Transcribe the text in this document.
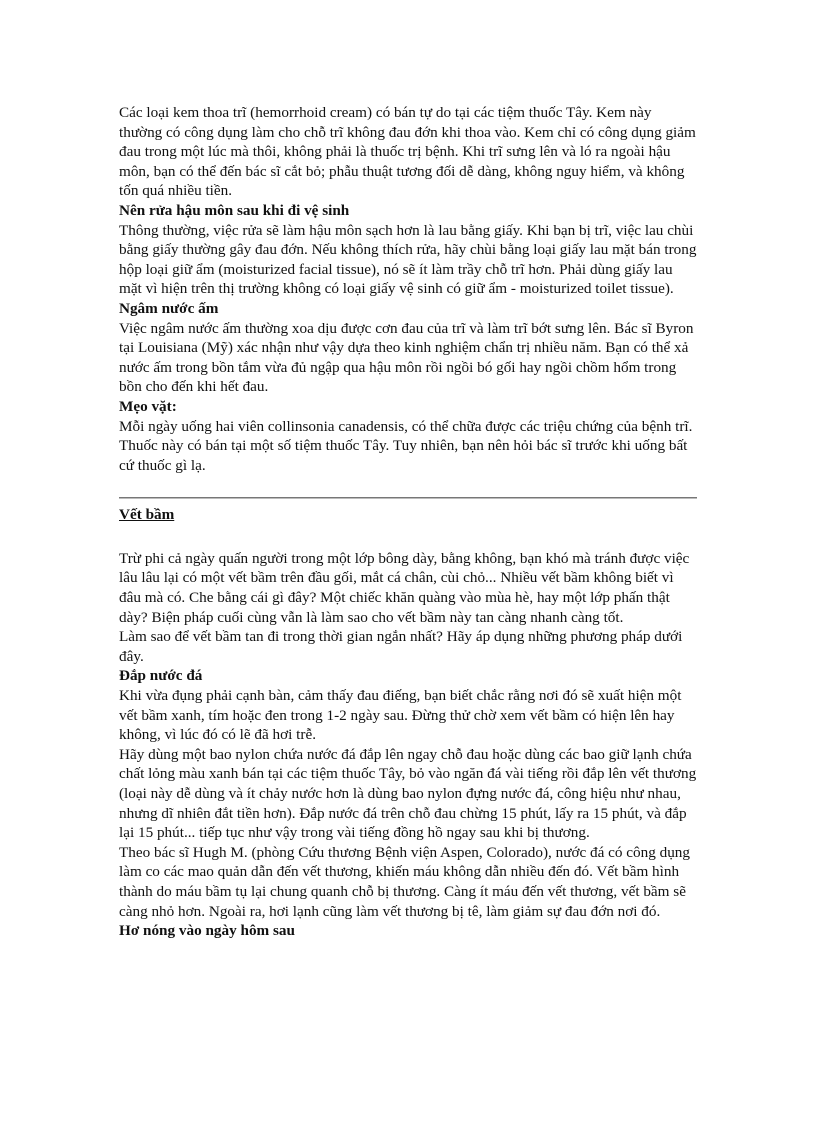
Các loại kem thoa trĩ (hemorrhoid cream) có bán tự do tại các tiệm thuốc Tây. Kem này thường có công dụng làm cho chỗ trĩ không đau đớn khi thoa vào. Kem chỉ có công dụng giảm đau trong một lúc mà thôi, không phải là thuốc trị bệnh. Khi trĩ sưng lên và ló ra ngoài hậu môn, bạn có thể đến bác sĩ cắt bỏ; phẫu thuật tương đối dễ dàng, không nguy hiểm, và không tốn quá nhiều tiền.

Nên rửa hậu môn sau khi đi vệ sinh

Thông thường, việc rửa sẽ làm hậu môn sạch hơn là lau bằng giấy. Khi bạn bị trĩ, việc lau chùi bằng giấy thường gây đau đớn. Nếu không thích rửa, hãy chùi bằng loại giấy lau mặt bán trong hộp loại giữ ẩm (moisturized facial tissue), nó sẽ ít làm trầy chỗ trĩ hơn. Phải dùng giấy lau mặt vì hiện trên thị trường không có loại giấy vệ sinh có giữ ẩm - moisturized toilet tissue).

Ngâm nước ấm

Việc ngâm nước ấm thường xoa dịu được cơn đau của trĩ và làm trĩ bớt sưng lên. Bác sĩ Byron tại Louisiana (Mỹ) xác nhận như vậy dựa theo kinh nghiệm chẩn trị nhiều năm. Bạn có thể xả nước ấm trong bồn tắm vừa đủ ngập qua hậu môn rồi ngồi bó gối hay ngồi chồm hổm trong bồn cho đến khi hết đau.

Mẹo vặt:

Mỗi ngày uống hai viên collinsonia canadensis, có thể chữa được các triệu chứng của bệnh trĩ. Thuốc này có bán tại một số tiệm thuốc Tây. Tuy nhiên, bạn nên hỏi bác sĩ trước khi uống bất cứ thuốc gì lạ.

Vết bầm

Trừ phi cả ngày quấn người trong một lớp bông dày, bằng không, bạn khó mà tránh được việc lâu lâu lại có một vết bầm trên đầu gối, mắt cá chân, cùi chỏ... Nhiều vết bầm không biết vì đâu mà có. Che bằng cái gì đây? Một chiếc khăn quàng vào mùa hè, hay một lớp phấn thật dày? Biện pháp cuối cùng vẫn là làm sao cho vết bầm này tan càng nhanh càng tốt.

Làm sao để vết bầm tan đi trong thời gian ngắn nhất? Hãy áp dụng những phương pháp dưới đây.

Đắp nước đá

Khi vừa đụng phải cạnh bàn, cảm thấy đau điếng, bạn biết chắc rằng nơi đó sẽ xuất hiện một vết bầm xanh, tím hoặc đen trong 1-2 ngày sau. Đừng thử chờ xem vết bầm có hiện lên hay không, vì lúc đó có lẽ đã hơi trễ.

Hãy dùng một bao nylon chứa nước đá đắp lên ngay chỗ đau hoặc dùng các bao giữ lạnh chứa chất lỏng màu xanh bán tại các tiệm thuốc Tây, bỏ vào ngăn đá vài tiếng rồi đắp lên vết thương (loại này dễ dùng và ít chảy nước hơn là dùng bao nylon đựng nước đá, công hiệu như nhau, nhưng dĩ nhiên đắt tiền hơn). Đắp nước đá trên chỗ đau chừng 15 phút, lấy ra 15 phút, và đắp lại 15 phút... tiếp tục như vậy trong vài tiếng đồng hồ ngay sau khi bị thương.

Theo bác sĩ Hugh M. (phòng Cứu thương Bệnh viện Aspen, Colorado), nước đá có công dụng làm co các mao quản dẫn đến vết thương, khiến máu không dẫn nhiều đến đó. Vết bầm hình thành do máu bầm tụ lại chung quanh chỗ bị thương. Càng ít máu đến vết thương, vết bầm sẽ càng nhỏ hơn. Ngoài ra, hơi lạnh cũng làm vết thương bị tê, làm giảm sự đau đớn nơi đó.

Hơ nóng vào ngày hôm sau
